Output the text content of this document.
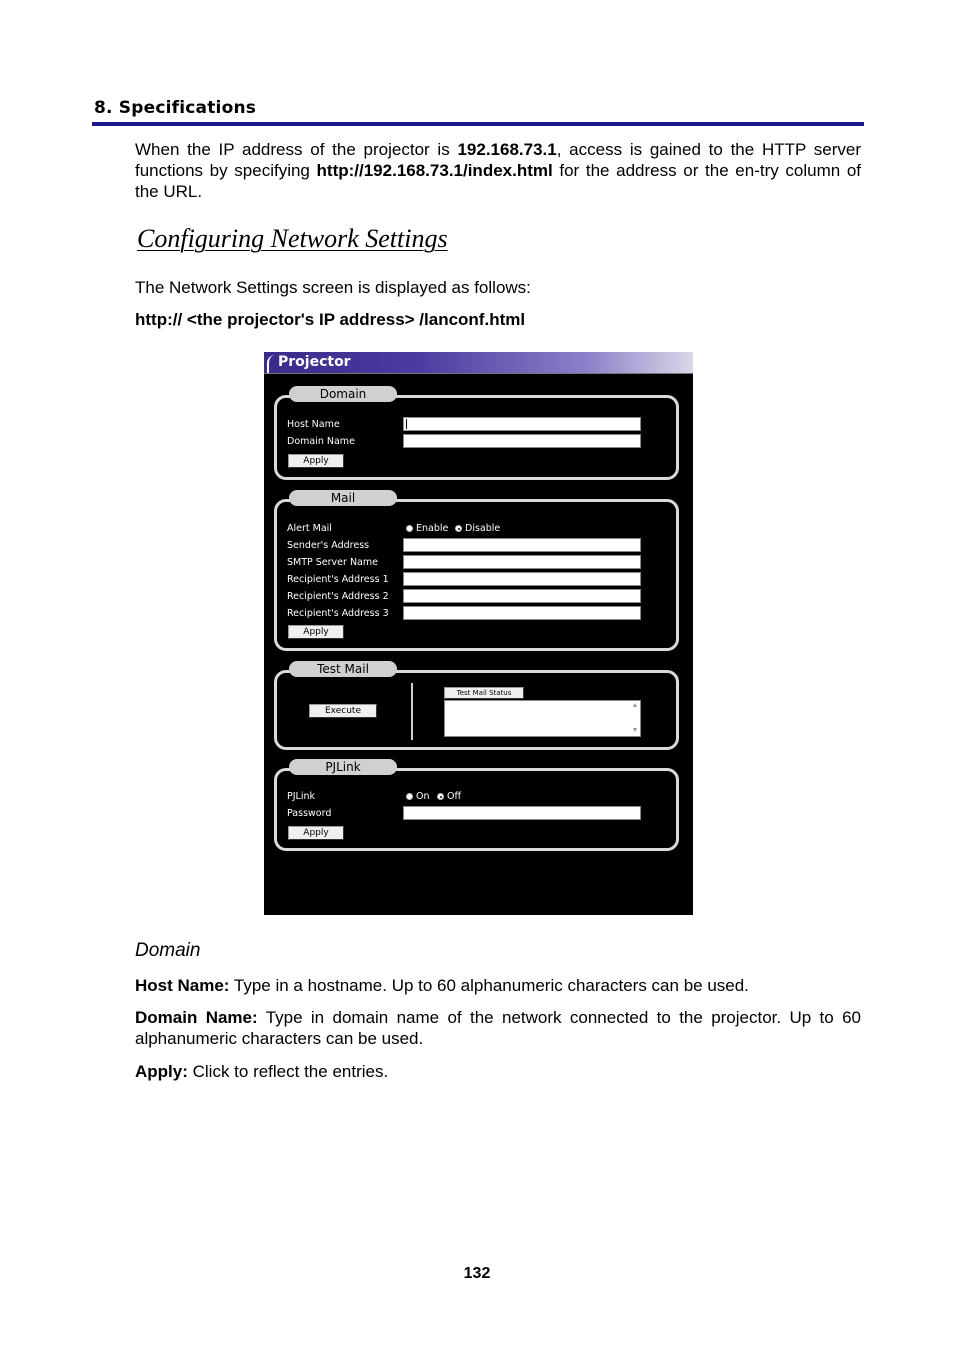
8. Specifications
When the IP address of the projector is 192.168.73.1, access is gained to the HTTP server functions by specifying http://192.168.73.1/index.html for the address or the en-try column of the URL.
Configuring Network Settings
The Network Settings screen is displayed as follows:
http:// <the projector's IP address> /lanconf.html
Projector
Domain
Host Name
Domain Name
Apply
Mail
Alert Mail	Enable Disable
Sender's Address
SMTP Server Name
Recipient's Address 1
Recipient's Address 2
Recipient's Address 3
Apply
Test Mail
Execute
Test Mail Status
▲
▼
PJLink
PJLink	On Off
Password
Apply
Domain
Host Name: Type in a hostname. Up to 60 alphanumeric characters can be used.
Domain Name: Type in domain name of the network connected to the projector. Up to 60 alphanumeric characters can be used.
Apply: Click to reflect the entries.
132
